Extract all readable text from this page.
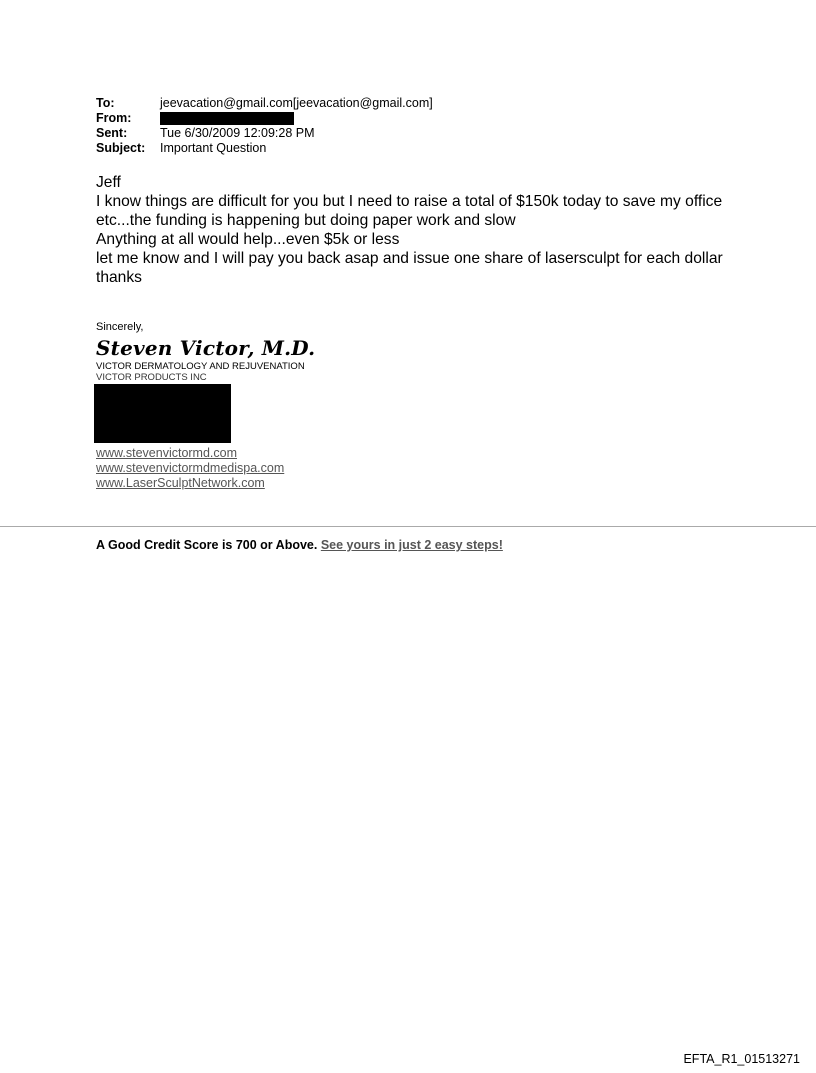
To:	jeevacation@gmail.com[jeevacation@gmail.com]
From:
Sent:	Tue 6/30/2009 12:09:28 PM
Subject:	Important Question

Jeff

I know things are difficult for you but I need to raise a total of $150k today to save my office etc...the funding is happening but doing paper work and slow

Anything at all would help...even $5k or less

let me know and I will pay you back asap and issue one share of lasersculpt for each dollar

thanks

Sincerely,
Steven Victor, M.D.
VICTOR DERMATOLOGY AND REJUVENATION
VICTOR PRODUCTS INC
www.stevenvictormd.com
www.stevenvictormdmedispa.com
www.LaserSculptNetwork.com
A Good Credit Score is 700 or Above. See yours in just 2 easy steps!
EFTA_R1_01513271
